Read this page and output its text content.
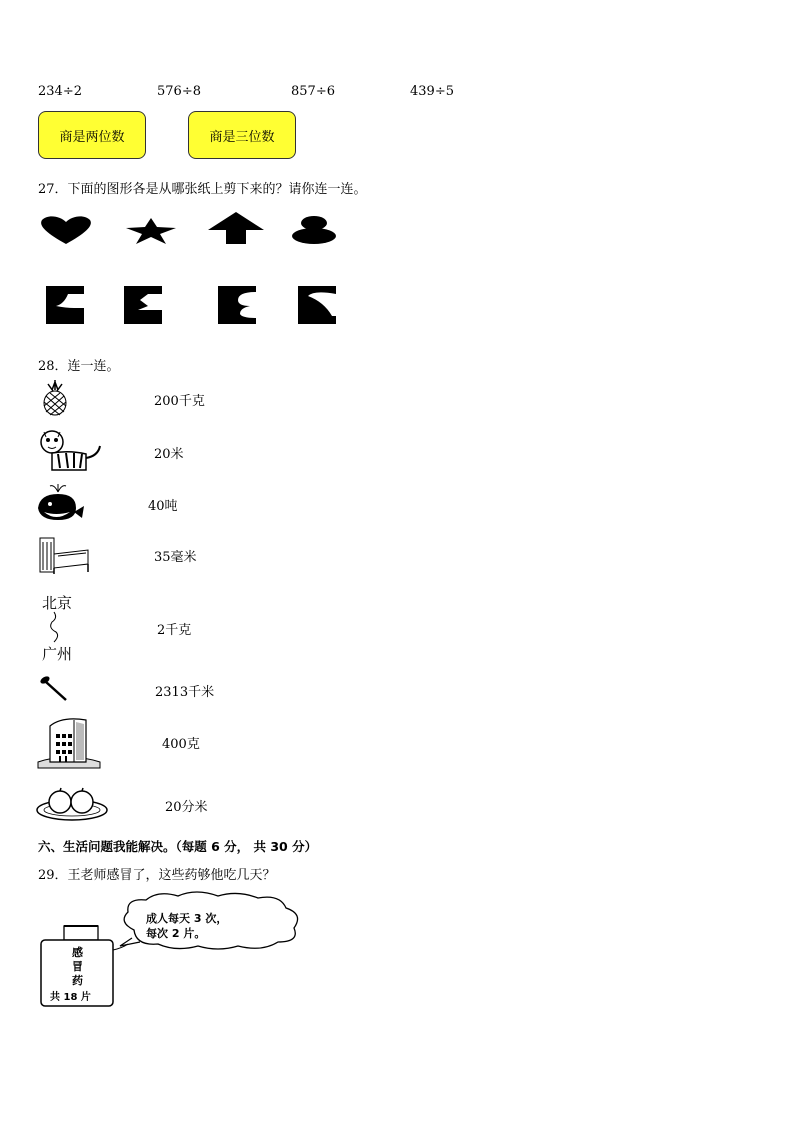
234÷2	576÷8	857÷6	439÷5
商是两位数	商是三位数
27．下面的图形各是从哪张纸上剪下来的？请你连一连。
28．连一连。
200千克
20米
40吨
35毫米
北京
广州
2千克
2313千米
400克
20分米
六、生活问题我能解决。（每题 6 分， 共 30 分）
29．王老师感冒了，这些药够他吃几天？
成人每天 3 次，
每次 2 片。
感
冒
药
共 18 片
